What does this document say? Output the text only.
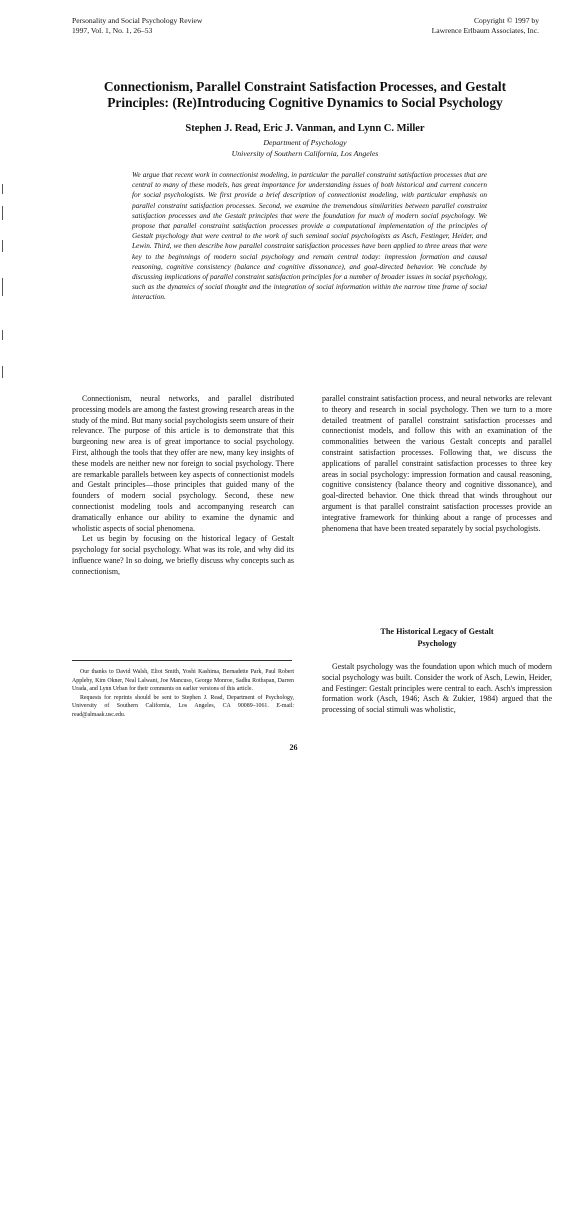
Personality and Social Psychology Review
1997, Vol. 1, No. 1, 26–53
Copyright © 1997 by
Lawrence Erlbaum Associates, Inc.
Connectionism, Parallel Constraint Satisfaction Processes, and Gestalt
Principles: (Re)Introducing Cognitive Dynamics to Social Psychology
Stephen J. Read, Eric J. Vanman, and Lynn C. Miller
Department of Psychology
University of Southern California, Los Angeles

We argue that recent work in connectionist modeling, in particular the parallel constraint satisfaction processes that are central to many of these models, has great importance for understanding issues of both historical and current concern for social psychologists. We first provide a brief description of connectionist modeling, with particular emphasis on parallel constraint satisfaction processes. Second, we examine the tremendous similarities between parallel constraint satisfaction processes and the Gestalt principles that were the foundation for much of modern social psychology. We propose that parallel constraint satisfaction processes provide a computational implementation of the principles of Gestalt psychology that were central to the work of such seminal social psychologists as Asch, Festinger, Heider, and Lewin. Third, we then describe how parallel constraint satisfaction processes have been applied to three areas that were key to the beginnings of modern social psychology and remain central today: impression formation and causal reasoning, cognitive consistency (balance and cognitive dissonance), and goal-directed behavior. We conclude by discussing implications of parallel constraint satisfaction principles for a number of broader issues in social psychology, such as the dynamics of social thought and the integration of social information within the narrow time frame of social interaction.

Connectionism, neural networks, and parallel distributed processing models are among the fastest growing research areas in the study of the mind. But many social psychologists seem unsure of their relevance. The purpose of this article is to demonstrate that this burgeoning new area is of great importance to social psychology. First, although the tools that they offer are new, many key insights of these models are neither new nor foreign to social psychology. There are remarkable parallels between key aspects of connectionist models and Gestalt principles—those principles that guided many of the founders of modern social psychology. Second, these new connectionist modeling tools and accompanying research can dramatically enhance our ability to examine the dynamic and wholistic aspects of social phenomena.

Let us begin by focusing on the historical legacy of Gestalt psychology for social psychology. What was its role, and why did its influence wane? In so doing, we briefly discuss why concepts such as connectionism,

parallel constraint satisfaction process, and neural networks are relevant to theory and research in social psychology. Then we turn to a more detailed treatment of parallel constraint satisfaction processes and connectionist models, and follow this with an examination of the commonalities between the various Gestalt concepts and parallel constraint satisfaction processes. Following that, we discuss the applications of parallel constraint satisfaction processes to three key areas in social psychology: impression formation and causal reasoning, cognitive consistency (balance theory and cognitive dissonance), and goal-directed behavior. One thick thread that winds throughout our argument is that parallel constraint satisfaction processes provide an integrative framework for thinking about a range of processes and phenomena that have been treated separately by social psychologists.

The Historical Legacy of Gestalt
Psychology

Gestalt psychology was the foundation upon which much of modern social psychology was built. Consider the work of Asch, Lewin, Heider, and Festinger: Gestalt principles were central to each. Asch's impression formation work (Asch, 1946; Asch & Zukier, 1984) argued that the processing of social stimuli was wholistic,

Our thanks to David Walsh, Eliot Smith, Yoshi Kashima, Bernadette Park, Paul Robert Appleby, Kim Okner, Neal Lalwani, Joe Mancuso, George Monroe, Sadhu Rothspan, Darren Urada, and Lynn Urban for their comments on earlier versions of this article.

Requests for reprints should be sent to Stephen J. Read, Department of Psychology, University of Southern California, Los Angeles, CA 90089–1061. E-mail: read@almaak.usc.edu.

26
